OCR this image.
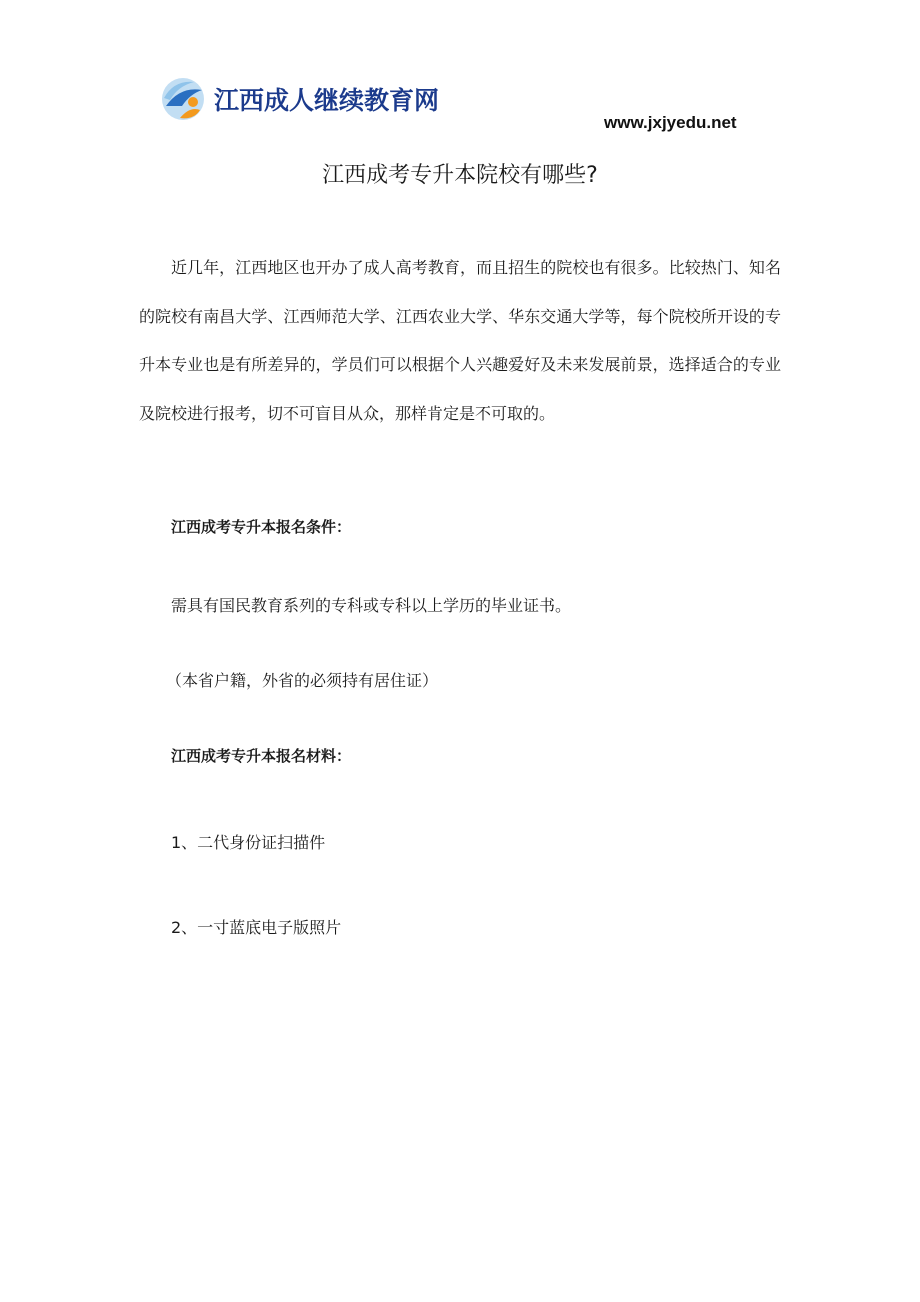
江西成人继续教育网
www.jxjyedu.net
江西成考专升本院校有哪些?

近几年，江西地区也开办了成人高考教育，而且招生的院校也有很多。比较热门、知名 的院校有南昌大学、江西师范大学、江西农业大学、华东交通大学等，每个院校所开设的专 升本专业也是有所差异的，学员们可以根据个人兴趣爱好及未来发展前景，选择适合的专业 及院校进行报考，切不可盲目从众，那样肯定是不可取的。

江西成考专升本报名条件：

需具有国民教育系列的专科或专科以上学历的毕业证书。

（本省户籍，外省的必须持有居住证）

江西成考专升本报名材料：

1、二代身份证扫描件

2、一寸蓝底电子版照片
